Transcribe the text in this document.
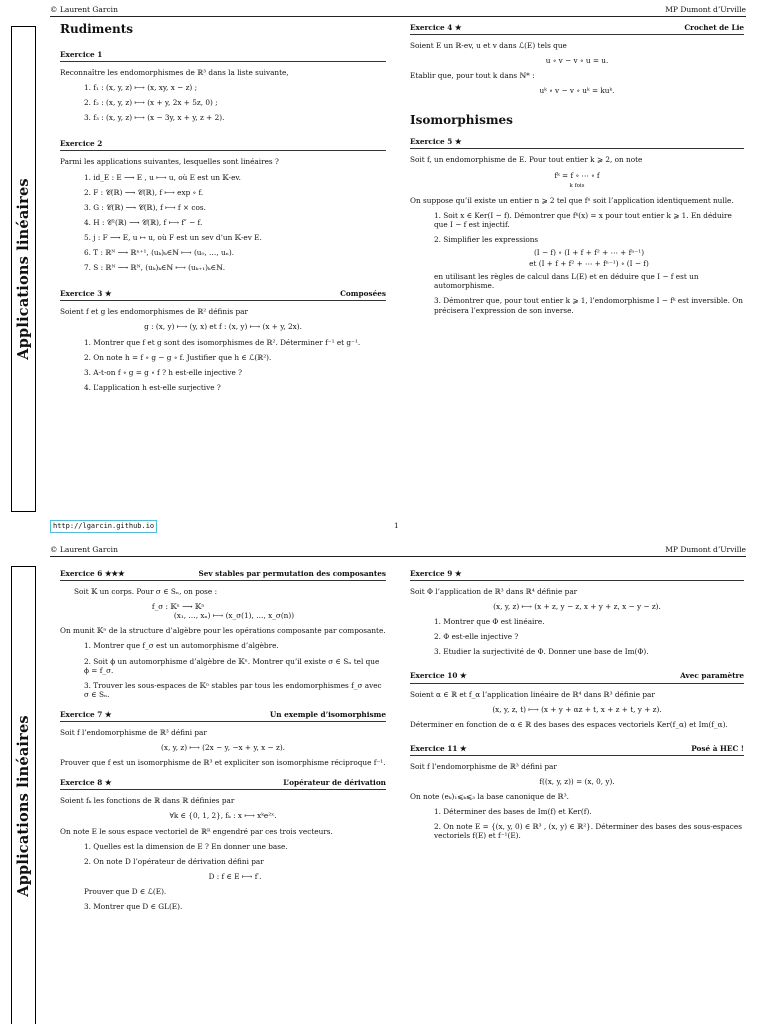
© Laurent Garcin	MP Dumont d’Urville
Applications linéaires
Rudiments
Exercice 1
Reconnaître les endomorphismes de ℝ³ dans la liste suivante,
1. f₁ : (x, y, z) ⟼ (x, xy, x − z) ;
2. f₂ : (x, y, z) ⟼ (x + y, 2x + 5z, 0) ;
3. f₃ : (x, y, z) ⟼ (x − 3y, x + y, z + 2).
Exercice 2
Parmi les applications suivantes, lesquelles sont linéaires ?
1. id_E : E ⟶ E , u ⟼ u, où E est un 𝕂-ev.
2. F : 𝒞(ℝ) ⟶ 𝒞(ℝ), f ⟼ exp ∘ f.
3. G : 𝒞(ℝ) ⟶ 𝒞(ℝ), f ⟼ f × cos.
4. H : 𝒞²(ℝ) ⟶ 𝒞(ℝ), f ⟼ f″ − f.
5. j : F ⟶ E, u ↦ u, où F est un sev d’un 𝕂-ev E.
6. T : ℝᴺ ⟶ ℝⁿ⁺¹, (uₖ)ₖ∈ℕ ⟼ (u₀, …, uₙ).
7. S : ℝᴺ ⟶ ℝᴺ, (uₖ)ₖ∈ℕ ⟼ (uₖ₊₁)ₖ∈ℕ.
Exercice 3 ★	Composées
Soient f et g les endomorphismes de ℝ² définis par
g : (x, y) ⟼ (y, x) et f : (x, y) ⟼ (x + y, 2x).
1. Montrer que f et g sont des isomorphismes de ℝ². Déterminer f⁻¹ et g⁻¹.
2. On note h = f ∘ g − g ∘ f. Justifier que h ∈ ℒ(ℝ²).
3. A-t-on f ∘ g = g ∘ f ? h est-elle injective ?
4. L’application h est-elle surjective ?
Exercice 4 ★	Crochet de Lie
Soient E un ℝ-ev, u et v dans ℒ(E) tels que
u ∘ v − v ∘ u = u.
Etablir que, pour tout k dans ℕ* :
uᵏ ∘ v − v ∘ uᵏ = kuᵏ.
Isomorphismes
Exercice 5 ★
Soit f, un endomorphisme de E. Pour tout entier k ⩾ 2, on note
fᵏ = f ∘ ⋯ ∘ f
k fois
On suppose qu’il existe un entier n ⩾ 2 tel que fⁿ soit l’application identiquement nulle.
1. Soit x ∈ Ker(I − f). Démontrer que fᵏ(x) = x pour tout entier k ⩾ 1. En déduire que I − f est injectif.
2. Simplifier les expressions
(I − f) ∘ (I + f + f² + ⋯ + fⁿ⁻¹)
et (I + f + f² + ⋯ + fⁿ⁻¹) ∘ (I − f)
en utilisant les règles de calcul dans L(E) et en déduire que I − f est un automorphisme.
3. Démontrer que, pour tout entier k ⩾ 1, l’endomorphisme I − fᵏ est inversible. On précisera l’expression de son inverse.
http://lgarcin.github.io	1
© Laurent Garcin	MP Dumont d’Urville
Applications linéaires
Exercice 6 ★★★	Sev stables par permutation des composantes
Soit 𝕂 un corps. Pour σ ∈ Sₙ, on pose :
f_σ : 𝕂ⁿ ⟶ 𝕂ⁿ
(x₁, …, xₙ) ⟼ (x_σ(1), …, x_σ(n))
On munit 𝕂ⁿ de la structure d’algèbre pour les opérations composante par composante.
1. Montrer que f_σ est un automorphisme d’algèbre.
2. Soit ϕ un automorphisme d’algèbre de 𝕂ⁿ. Montrer qu’il existe σ ∈ Sₙ tel que ϕ = f_σ.
3. Trouver les sous-espaces de 𝕂ⁿ stables par tous les endomorphismes f_σ avec σ ∈ Sₙ.
Exercice 7 ★	Un exemple d’isomorphisme
Soit f l’endomorphisme de ℝ³ défini par
(x, y, z) ⟼ (2x − y, −x + y, x − z).
Prouver que f est un isomorphisme de ℝ³ et expliciter son isomorphisme réciproque f⁻¹.
Exercice 8 ★	L’opérateur de dérivation
Soient fₖ les fonctions de ℝ dans ℝ définies par
∀k ∈ {0, 1, 2}, fₖ : x ⟼ xᵏe²ˣ.
On note E le sous espace vectoriel de ℝᴿ engendré par ces trois vecteurs.
1. Quelles est la dimension de E ? En donner une base.
2. On note D l’opérateur de dérivation défini par
D : f ∈ E ⟼ f′.
Prouver que D ∈ ℒ(E).
3. Montrer que D ∈ GL(E).
Exercice 9 ★
Soit Φ l’application de ℝ³ dans ℝ⁴ définie par
(x, y, z) ⟼ (x + z, y − z, x + y + z, x − y − z).
1. Montrer que Φ est linéaire.
2. Φ est-elle injective ?
3. Etudier la surjectivité de Φ. Donner une base de Im(Φ).
Exercice 10 ★	Avec paramètre
Soient α ∈ ℝ et f_α l’application linéaire de ℝ⁴ dans ℝ³ définie par
(x, y, z, t) ⟼ (x + y + αz + t, x + z + t, y + z).
Déterminer en fonction de α ∈ ℝ des bases des espaces vectoriels Ker(f_α) et Im(f_α).
Exercice 11 ★	Posé à HEC !
Soit f l’endomorphisme de ℝ³ défini par
f((x, y, z)) = (x, 0, y).
On note (eₖ)₁⩽ₖ⩽₃ la base canonique de ℝ³.
1. Déterminer des bases de Im(f) et Ker(f).
2. On note E = {(x, y, 0) ∈ ℝ³ , (x, y) ∈ ℝ²}. Déterminer des bases des sous-espaces vectoriels f(E) et f⁻¹(E).
